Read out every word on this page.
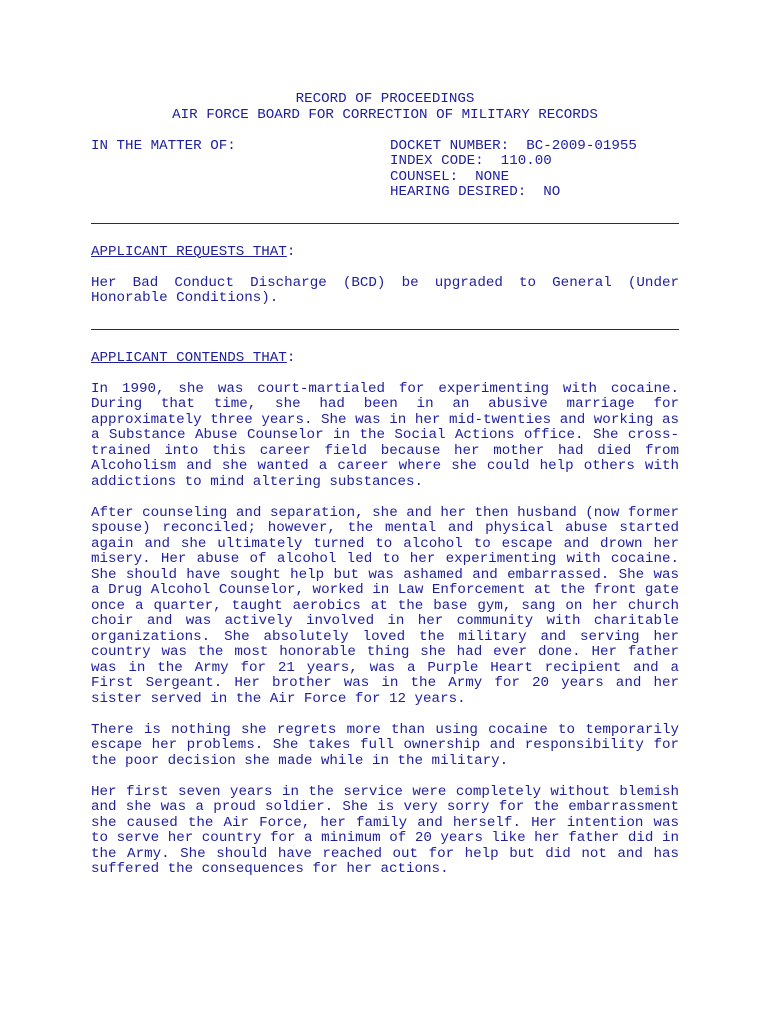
RECORD OF PROCEEDINGS
AIR FORCE BOARD FOR CORRECTION OF MILITARY RECORDS
IN THE MATTER OF:	DOCKET NUMBER:  BC-2009-01955
INDEX CODE:  110.00
COUNSEL:  NONE
HEARING DESIRED:  NO
APPLICANT REQUESTS THAT:

Her Bad Conduct Discharge (BCD) be upgraded to General (Under Honorable Conditions).

APPLICANT CONTENDS THAT:

In 1990, she was court-martialed for experimenting with cocaine. During that time, she had been in an abusive marriage for approximately three years. She was in her mid-twenties and working as a Substance Abuse Counselor in the Social Actions office. She cross-trained into this career field because her mother had died from Alcoholism and she wanted a career where she could help others with addictions to mind altering substances.

After counseling and separation, she and her then husband (now former spouse) reconciled; however, the mental and physical abuse started again and she ultimately turned to alcohol to escape and drown her misery. Her abuse of alcohol led to her experimenting with cocaine. She should have sought help but was ashamed and embarrassed. She was a Drug Alcohol Counselor, worked in Law Enforcement at the front gate once a quarter, taught aerobics at the base gym, sang on her church choir and was actively involved in her community with charitable organizations. She absolutely loved the military and serving her country was the most honorable thing she had ever done. Her father was in the Army for 21 years, was a Purple Heart recipient and a First Sergeant. Her brother was in the Army for 20 years and her sister served in the Air Force for 12 years.

There is nothing she regrets more than using cocaine to temporarily escape her problems. She takes full ownership and responsibility for the poor decision she made while in the military.

Her first seven years in the service were completely without blemish and she was a proud soldier. She is very sorry for the embarrassment she caused the Air Force, her family and herself. Her intention was to serve her country for a minimum of 20 years like her father did in the Army. She should have reached out for help but did not and has suffered the consequences for her actions.
